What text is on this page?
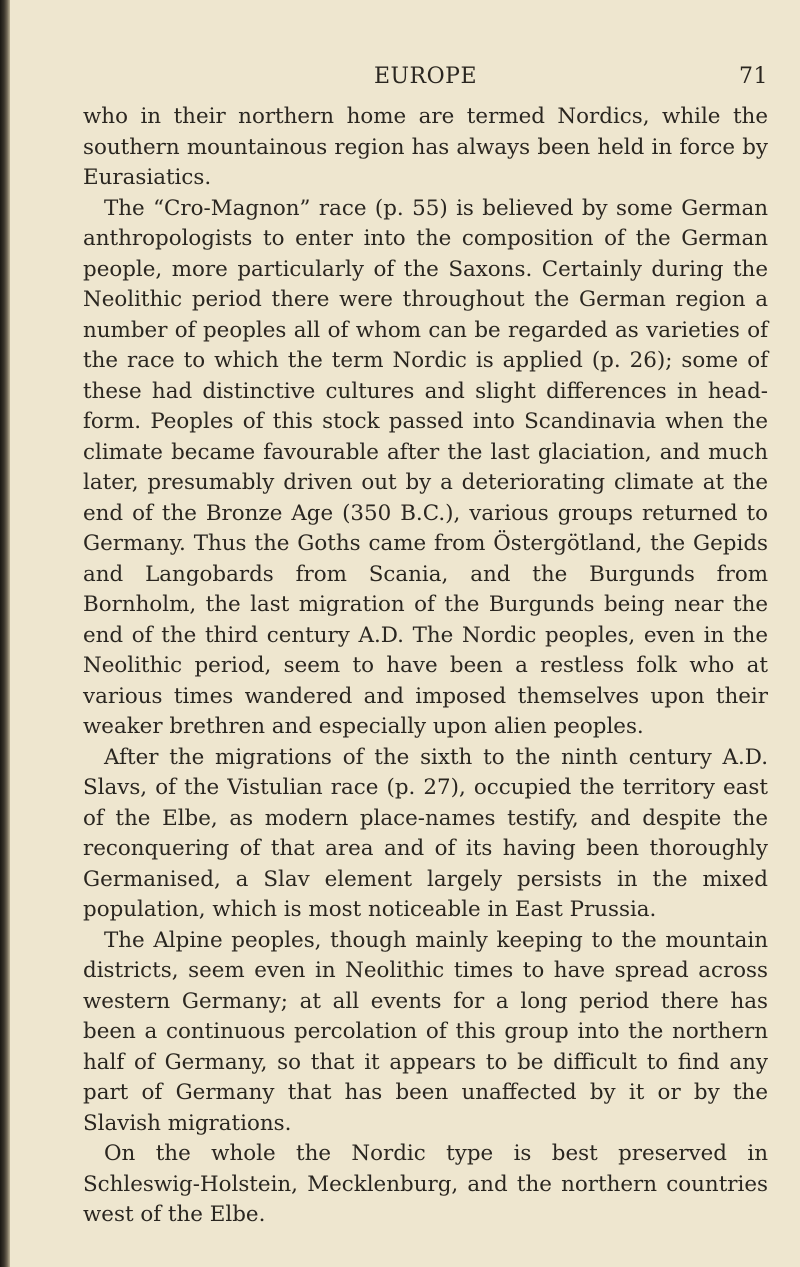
EUROPE	71

who in their northern home are termed Nordics, while the southern mountainous region has always been held in force by Eurasiatics.

The “Cro-Magnon” race (p. 55) is believed by some German anthropologists to enter into the composition of the German people, more particularly of the Saxons. Certainly during the Neolithic period there were throughout the German region a number of peoples all of whom can be regarded as varieties of the race to which the term Nordic is applied (p. 26); some of these had distinctive cultures and slight differences in head-form. Peoples of this stock passed into Scandinavia when the climate became favourable after the last glaciation, and much later, presumably driven out by a deteriorating climate at the end of the Bronze Age (350 B.C.), various groups returned to Germany. Thus the Goths came from Östergötland, the Gepids and Langobards from Scania, and the Burgunds from Bornholm, the last migration of the Burgunds being near the end of the third century A.D. The Nordic peoples, even in the Neolithic period, seem to have been a restless folk who at various times wandered and imposed themselves upon their weaker brethren and especially upon alien peoples.

After the migrations of the sixth to the ninth century A.D. Slavs, of the Vistulian race (p. 27), occupied the territory east of the Elbe, as modern place-names testify, and despite the reconquering of that area and of its having been thoroughly Germanised, a Slav element largely persists in the mixed population, which is most noticeable in East Prussia.

The Alpine peoples, though mainly keeping to the mountain districts, seem even in Neolithic times to have spread across western Germany; at all events for a long period there has been a continuous percolation of this group into the northern half of Germany, so that it appears to be difficult to find any part of Germany that has been unaffected by it or by the Slavish migrations.

On the whole the Nordic type is best preserved in Schleswig-Holstein, Mecklenburg, and the northern countries west of the Elbe.
